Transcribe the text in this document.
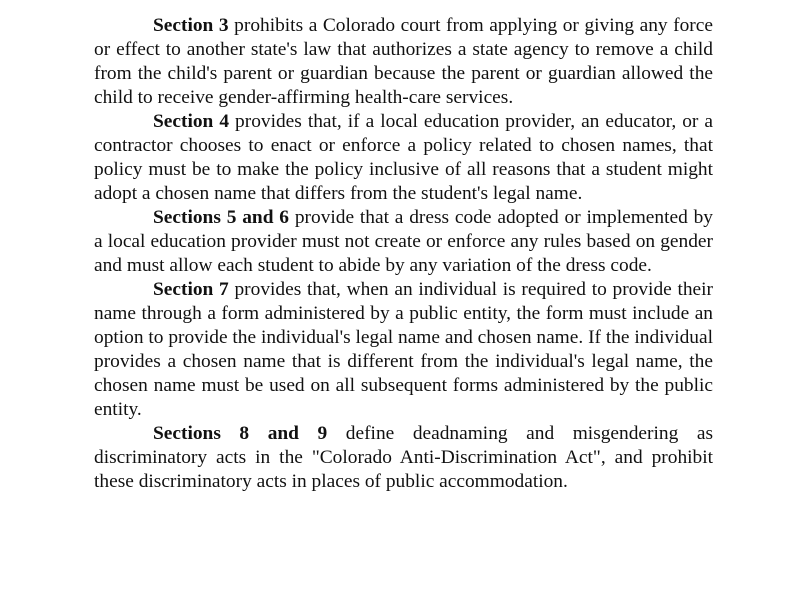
Section 3 prohibits a Colorado court from applying or giving any force or effect to another state's law that authorizes a state agency to remove a child from the child's parent or guardian because the parent or guardian allowed the child to receive gender-affirming health-care services.

Section 4 provides that, if a local education provider, an educator, or a contractor chooses to enact or enforce a policy related to chosen names, that policy must be to make the policy inclusive of all reasons that a student might adopt a chosen name that differs from the student's legal name.

Sections 5 and 6 provide that a dress code adopted or implemented by a local education provider must not create or enforce any rules based on gender and must allow each student to abide by any variation of the dress code.

Section 7 provides that, when an individual is required to provide their name through a form administered by a public entity, the form must include an option to provide the individual's legal name and chosen name. If the individual provides a chosen name that is different from the individual's legal name, the chosen name must be used on all subsequent forms administered by the public entity.

Sections 8 and 9 define deadnaming and misgendering as discriminatory acts in the "Colorado Anti-Discrimination Act", and prohibit these discriminatory acts in places of public accommodation.
